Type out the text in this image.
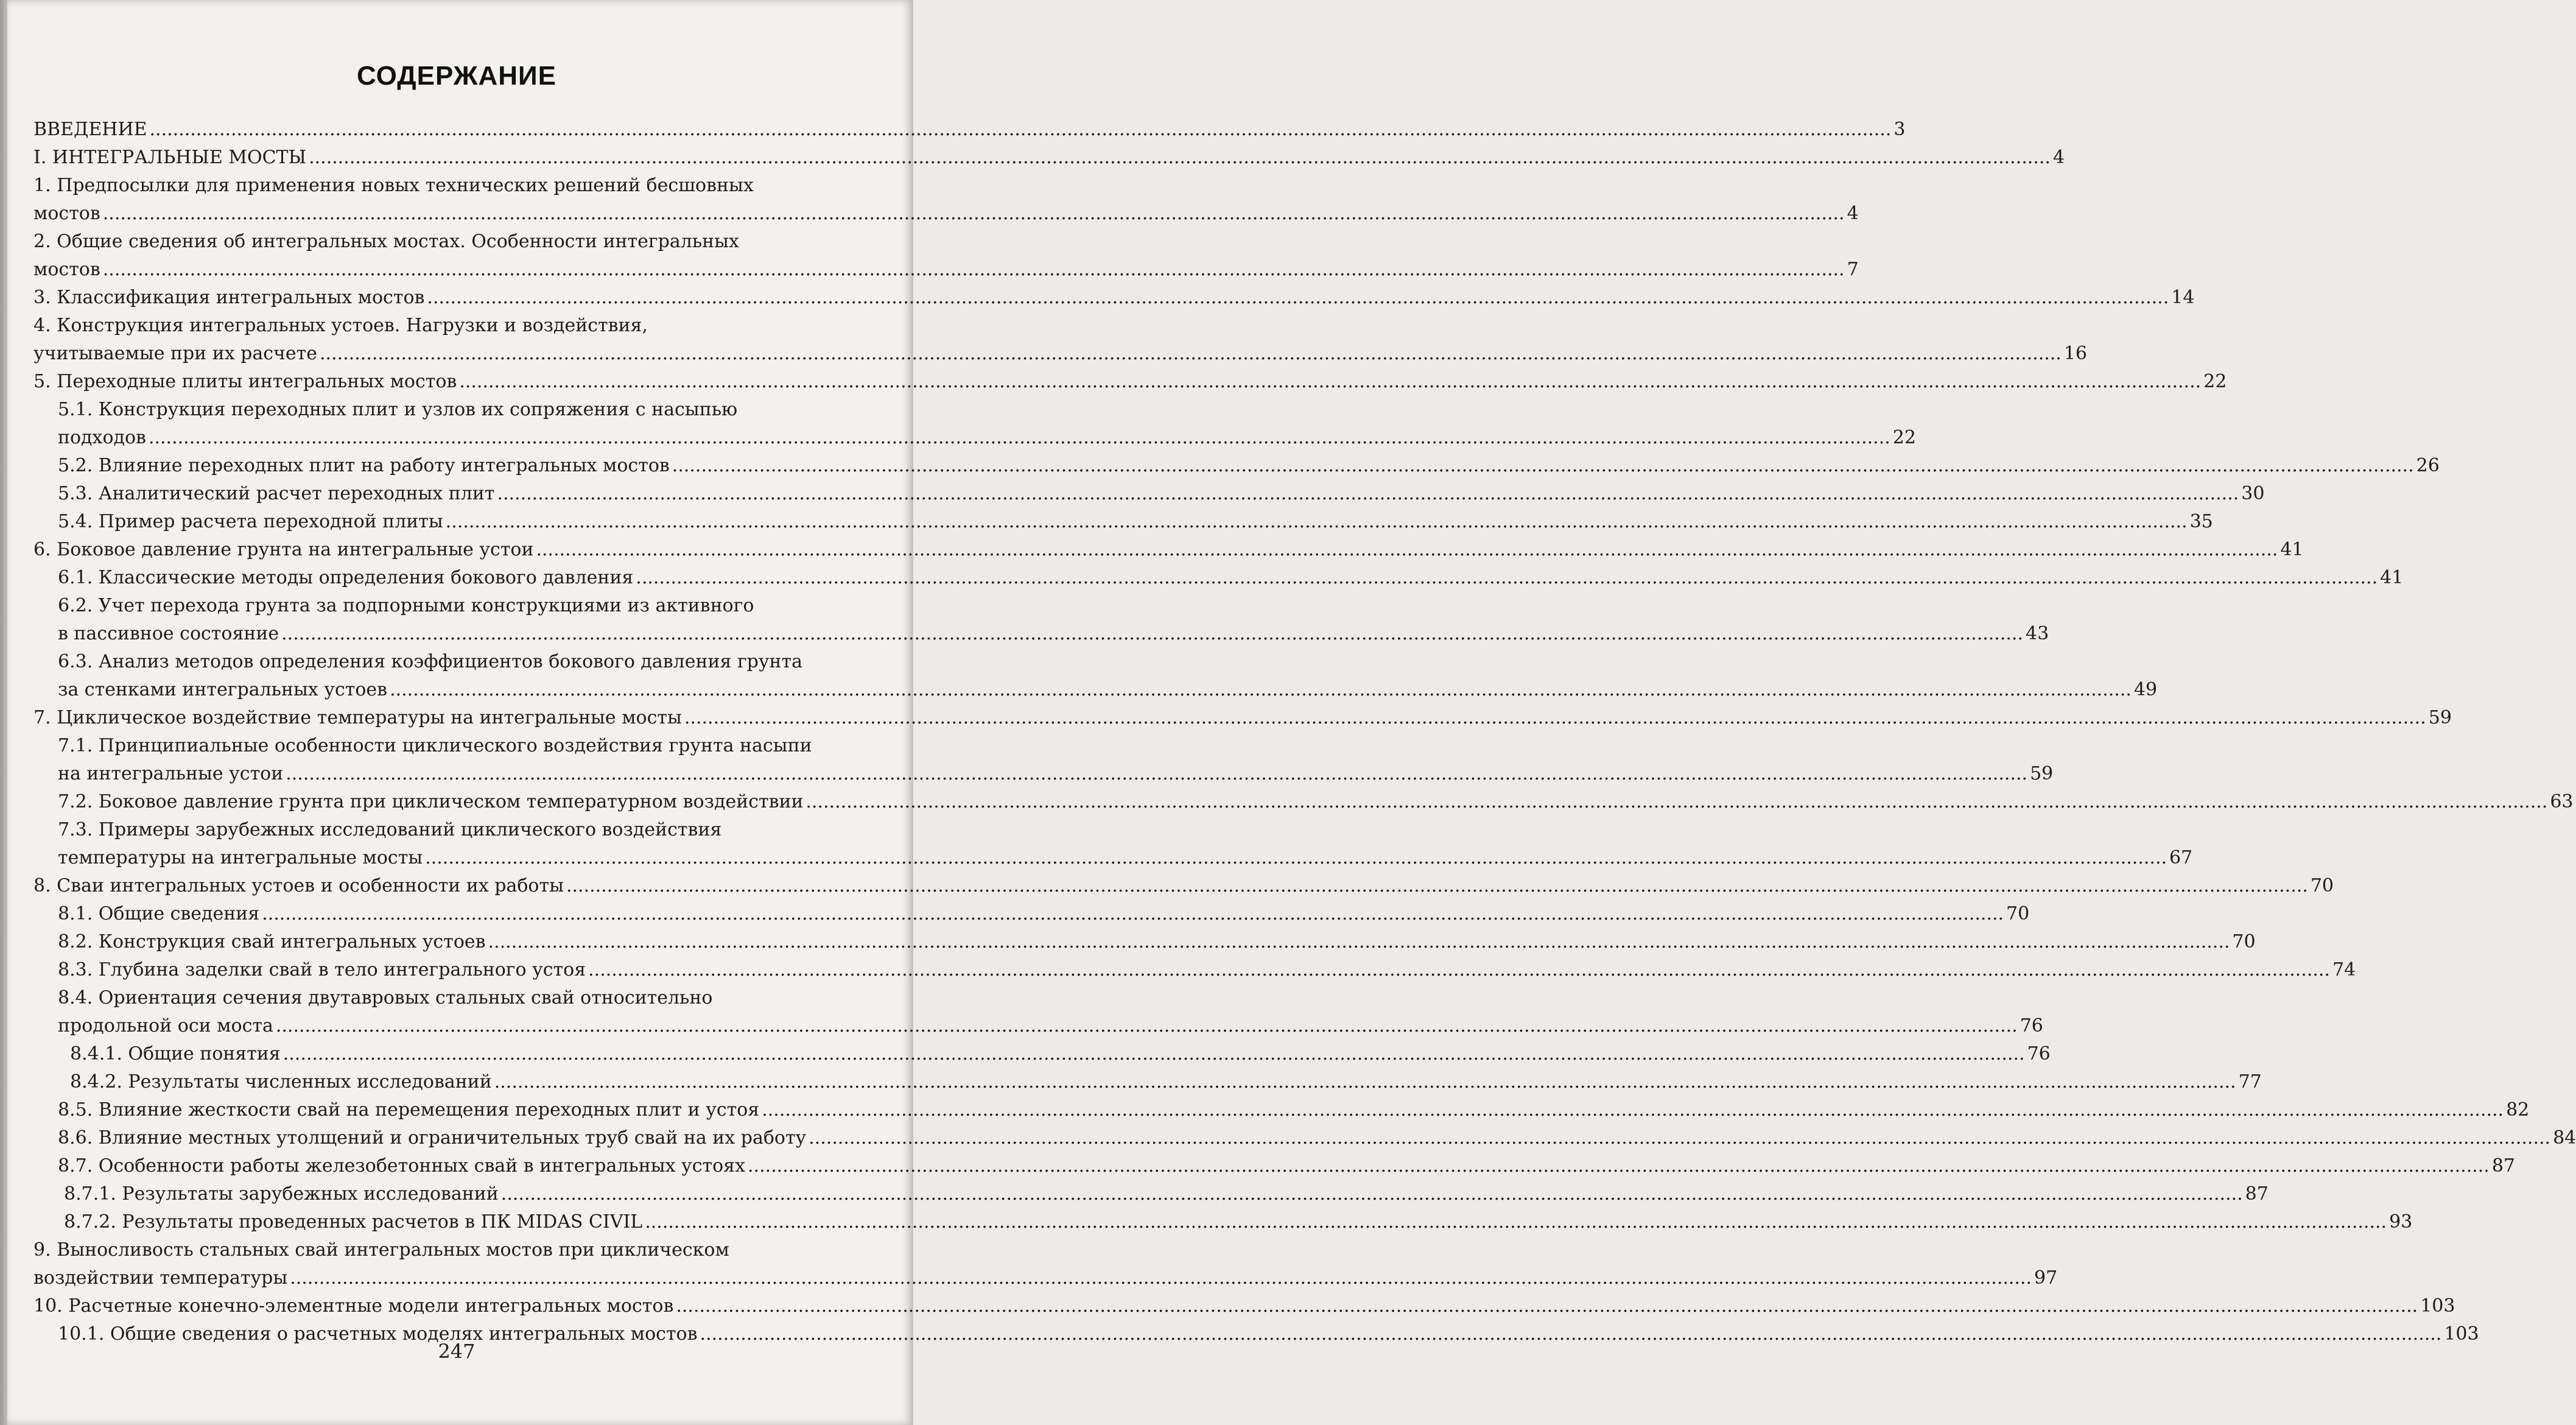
СОДЕРЖАНИЕ
ВВЕДЕНИЕ .....	3
I. ИНТЕГРАЛЬНЫЕ МОСТЫ .....	4
1. Предпосылки для применения новых технических решений бесшовных
мостов .....	4
2. Общие сведения об интегральных мостах. Особенности интегральных
мостов .....	7
3. Классификация интегральных мостов .....	14
4. Конструкция интегральных устоев. Нагрузки и воздействия,
учитываемые при их расчете .....	16
5. Переходные плиты интегральных мостов .....	22
5.1. Конструкция переходных плит и узлов их сопряжения с насыпью
подходов .....	22
5.2. Влияние переходных плит на работу интегральных мостов .....	26
5.3. Аналитический расчет переходных плит .....	30
5.4. Пример расчета переходной плиты .....	35
6. Боковое давление грунта на интегральные устои .....	41
6.1. Классические методы определения бокового давления .....	41
6.2. Учет перехода грунта за подпорными конструкциями из активного
в пассивное состояние .....	43
6.3. Анализ методов определения коэффициентов бокового давления грунта
за стенками интегральных устоев .....	49
7. Циклическое воздействие температуры на интегральные мосты .....	59
7.1. Принципиальные особенности циклического воздействия грунта насыпи
на интегральные устои .....	59
7.2. Боковое давление грунта при циклическом температурном воздействии .....	63
7.3. Примеры зарубежных исследований циклического воздействия
температуры на интегральные мосты .....	67
8. Сваи интегральных устоев и особенности их работы .....	70
8.1. Общие сведения .....	70
8.2. Конструкция свай интегральных устоев .....	70
8.3. Глубина заделки свай в тело интегрального устоя .....	74
8.4. Ориентация сечения двутавровых стальных свай относительно
продольной оси моста .....	76
8.4.1. Общие понятия .....	76
8.4.2. Результаты численных исследований .....	77
8.5. Влияние жесткости свай на перемещения переходных плит и устоя .....	82
8.6. Влияние местных утолщений и ограничительных труб свай на их работу .....	84
8.7. Особенности работы железобетонных свай в интегральных устоях .....	87
8.7.1. Результаты зарубежных исследований .....	87
8.7.2. Результаты проведенных расчетов в ПК MIDAS CIVIL .....	93
9. Выносливость стальных свай интегральных мостов при циклическом
воздействии температуры .....	97
10. Расчетные конечно-элементные модели интегральных мостов .....	103
10.1. Общие сведения о расчетных моделях интегральных мостов .....	103
247
